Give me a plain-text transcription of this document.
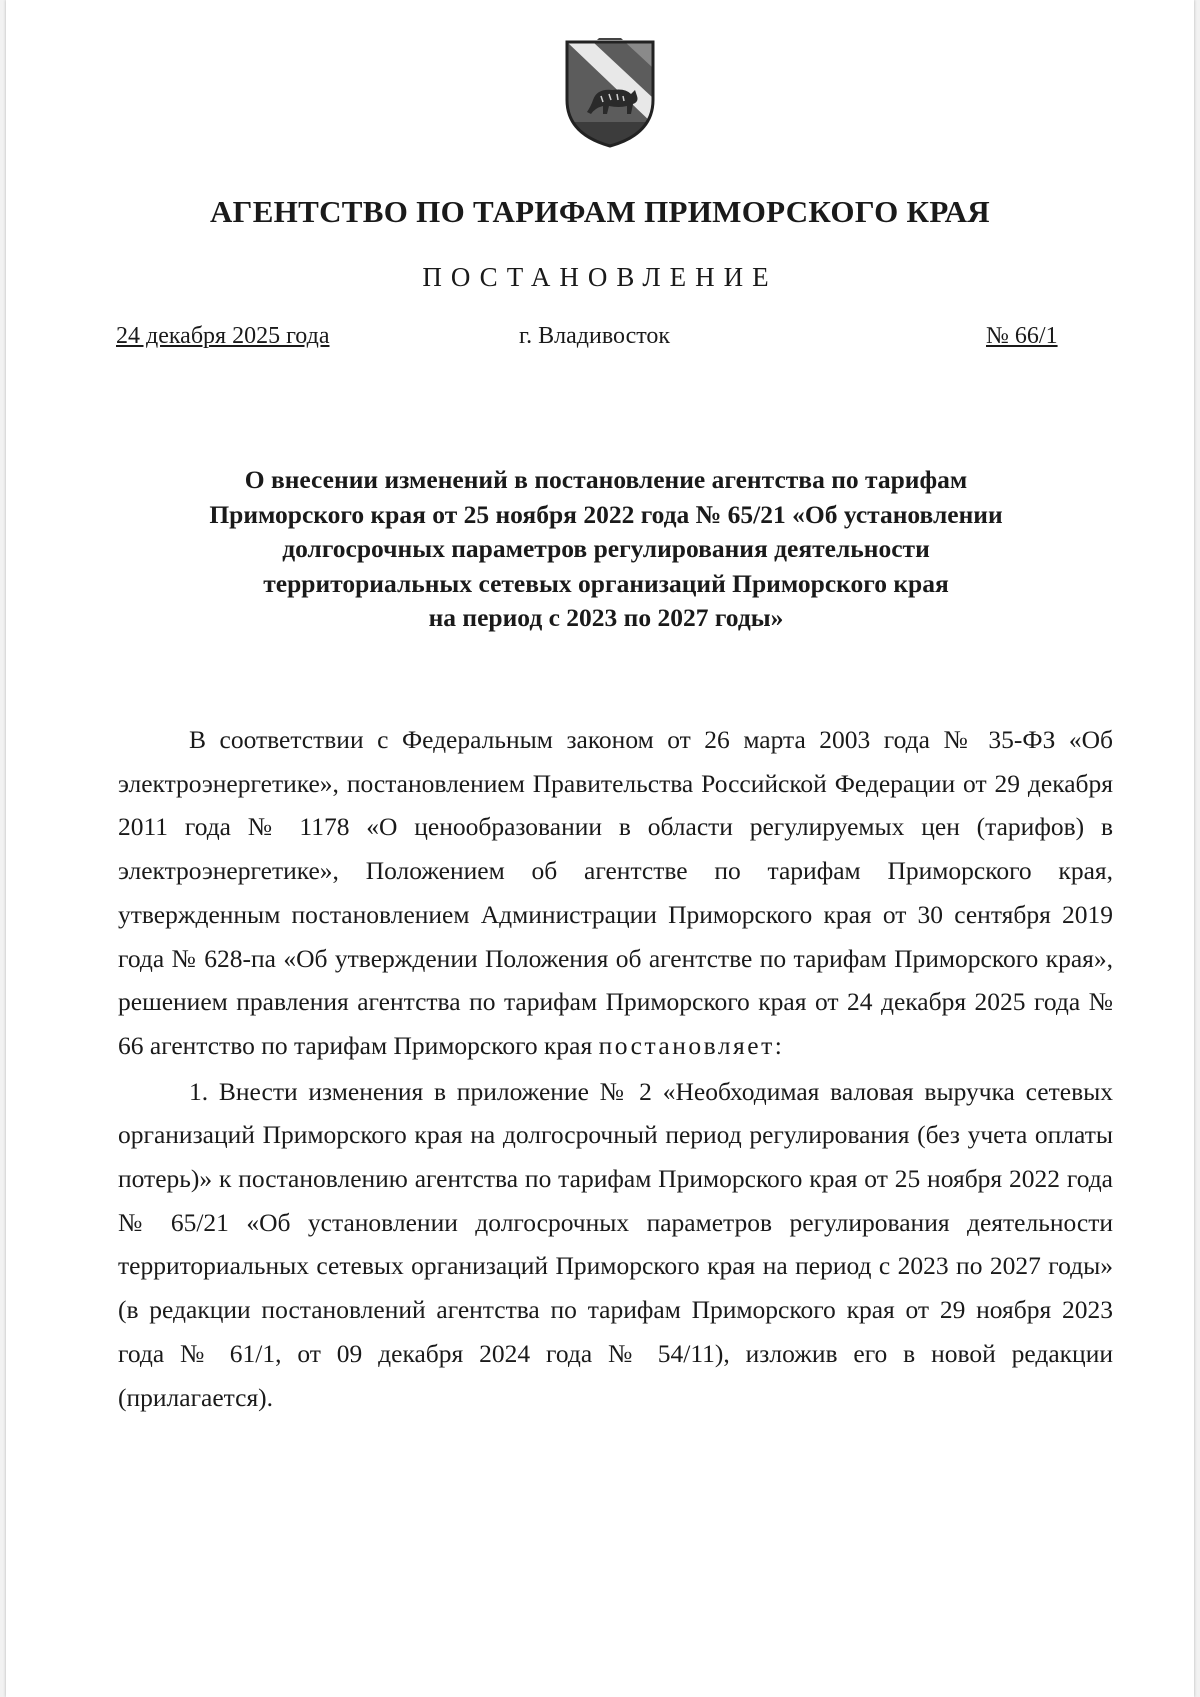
АГЕНТСТВО ПО ТАРИФАМ ПРИМОРСКОГО КРАЯ
ПОСТАНОВЛЕНИЕ
24 декабря 2025 года	г. Владивосток	№ 66/1
О внесении изменений в постановление агентства по тарифам
Приморского края от 25 ноября 2022 года № 65/21 «Об установлении
долгосрочных параметров регулирования деятельности
территориальных сетевых организаций Приморского края
на период с 2023 по 2027 годы»

В соответствии с Федеральным законом от 26 марта 2003 года № 35-ФЗ «Об электроэнергетике», постановлением Правительства Российской Федерации от 29 декабря 2011 года № 1178 «О ценообразовании в области регулируемых цен (тарифов) в электроэнергетике», Положением об агентстве по тарифам Приморского края, утвержденным постановлением Администрации Приморского края от 30 сентября 2019 года № 628-па «Об утверждении Положения об агентстве по тарифам Приморского края», решением правления агентства по тарифам Приморского края от 24 декабря 2025 года № 66 агентство по тарифам Приморского края постановляет:

1. Внести изменения в приложение № 2 «Необходимая валовая выручка сетевых организаций Приморского края на долгосрочный период регулирования (без учета оплаты потерь)» к постановлению агентства по тарифам Приморского края от 25 ноября 2022 года № 65/21 «Об установлении долгосрочных параметров регулирования деятельности территориальных сетевых организаций Приморского края на период с 2023 по 2027 годы» (в редакции постановлений агентства по тарифам Приморского края от 29 ноября 2023 года № 61/1, от 09 декабря 2024 года № 54/11), изложив его в новой редакции (прилагается).
